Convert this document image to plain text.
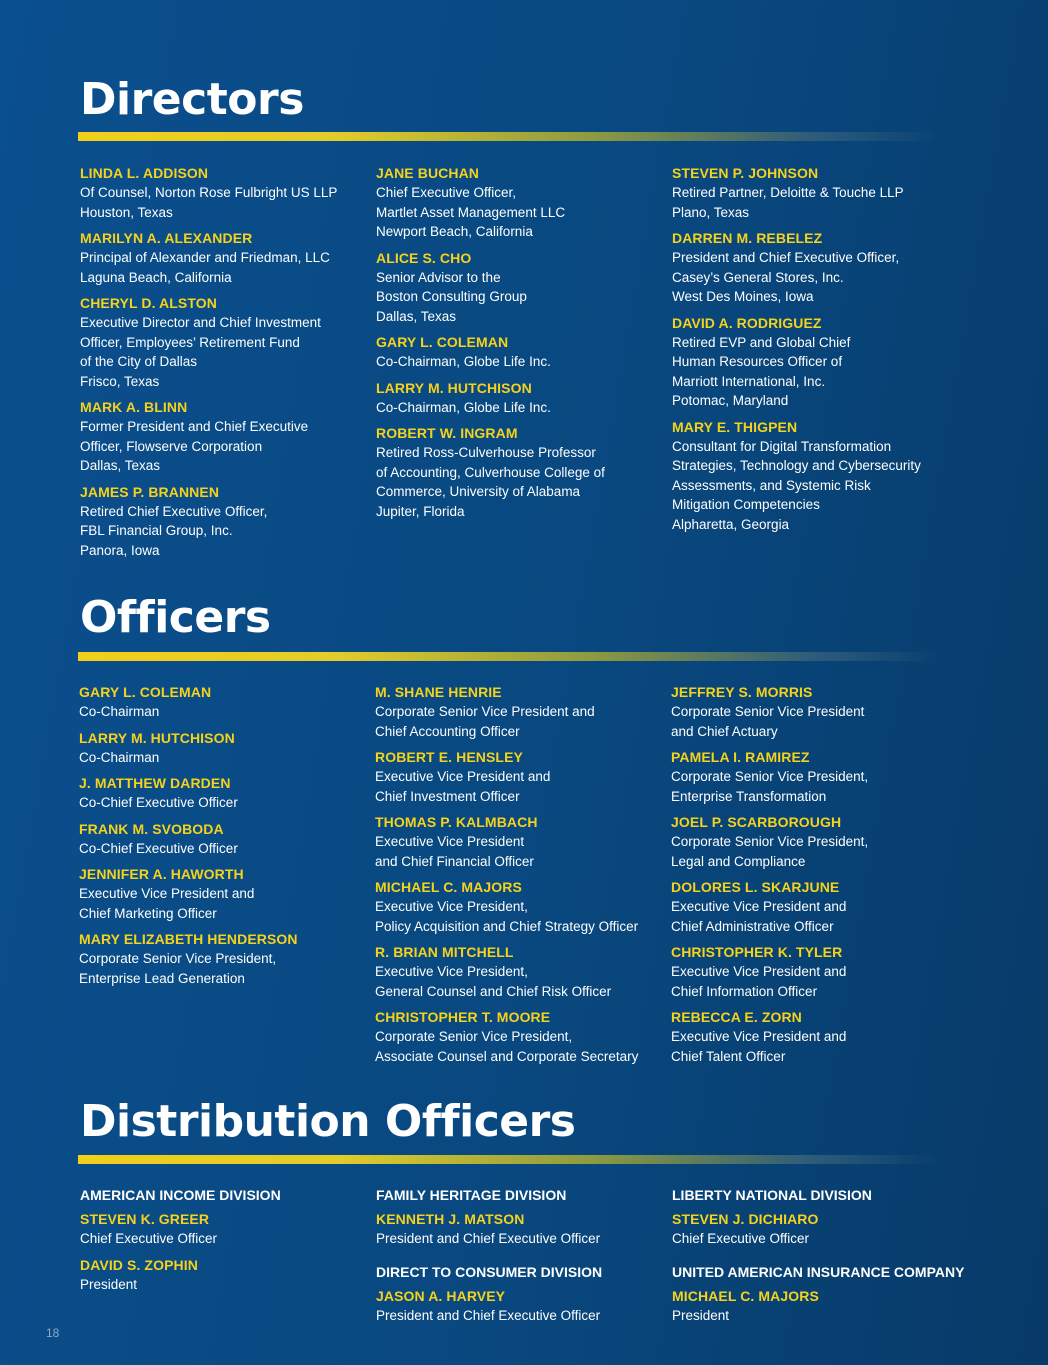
Directors
LINDA L. ADDISON
Of Counsel, Norton Rose Fulbright US LLP
Houston, Texas
MARILYN A. ALEXANDER
Principal of Alexander and Friedman, LLC
Laguna Beach, California
CHERYL D. ALSTON
Executive Director and Chief Investment
Officer, Employees’ Retirement Fund
of the City of Dallas
Frisco, Texas
MARK A. BLINN
Former President and Chief Executive
Officer, Flowserve Corporation
Dallas, Texas
JAMES P. BRANNEN
Retired Chief Executive Officer,
FBL Financial Group, Inc.
Panora, Iowa
JANE BUCHAN
Chief Executive Officer,
Martlet Asset Management LLC
Newport Beach, California
ALICE S. CHO
Senior Advisor to the
Boston Consulting Group
Dallas, Texas
GARY L. COLEMAN
Co-Chairman, Globe Life Inc.
LARRY M. HUTCHISON
Co-Chairman, Globe Life Inc.
ROBERT W. INGRAM
Retired Ross-Culverhouse Professor
of Accounting, Culverhouse College of
Commerce, University of Alabama
Jupiter, Florida
STEVEN P. JOHNSON
Retired Partner, Deloitte & Touche LLP
Plano, Texas
DARREN M. REBELEZ
President and Chief Executive Officer,
Casey’s General Stores, Inc.
West Des Moines, Iowa
DAVID A. RODRIGUEZ
Retired EVP and Global Chief
Human Resources Officer of
Marriott International, Inc.
Potomac, Maryland
MARY E. THIGPEN
Consultant for Digital Transformation
Strategies, Technology and Cybersecurity
Assessments, and Systemic Risk
Mitigation Competencies
Alpharetta, Georgia
Officers
GARY L. COLEMAN
Co-Chairman
LARRY M. HUTCHISON
Co-Chairman
J. MATTHEW DARDEN
Co-Chief Executive Officer
FRANK M. SVOBODA
Co-Chief Executive Officer
JENNIFER A. HAWORTH
Executive Vice President and
Chief Marketing Officer
MARY ELIZABETH HENDERSON
Corporate Senior Vice President,
Enterprise Lead Generation
M. SHANE HENRIE
Corporate Senior Vice President and
Chief Accounting Officer
ROBERT E. HENSLEY
Executive Vice President and
Chief Investment Officer
THOMAS P. KALMBACH
Executive Vice President
and Chief Financial Officer
MICHAEL C. MAJORS
Executive Vice President,
Policy Acquisition and Chief Strategy Officer
R. BRIAN MITCHELL
Executive Vice President,
General Counsel and Chief Risk Officer
CHRISTOPHER T. MOORE
Corporate Senior Vice President,
Associate Counsel and Corporate Secretary
JEFFREY S. MORRIS
Corporate Senior Vice President
and Chief Actuary
PAMELA I. RAMIREZ
Corporate Senior Vice President,
Enterprise Transformation
JOEL P. SCARBOROUGH
Corporate Senior Vice President,
Legal and Compliance
DOLORES L. SKARJUNE
Executive Vice President and
Chief Administrative Officer
CHRISTOPHER K. TYLER
Executive Vice President and
Chief Information Officer
REBECCA E. ZORN
Executive Vice President and
Chief Talent Officer
Distribution Officers
AMERICAN INCOME DIVISION
STEVEN K. GREER
Chief Executive Officer
DAVID S. ZOPHIN
President
FAMILY HERITAGE DIVISION
KENNETH J. MATSON
President and Chief Executive Officer
DIRECT TO CONSUMER DIVISION
JASON A. HARVEY
President and Chief Executive Officer
LIBERTY NATIONAL DIVISION
STEVEN J. DICHIARO
Chief Executive Officer
UNITED AMERICAN INSURANCE COMPANY
MICHAEL C. MAJORS
President
18
